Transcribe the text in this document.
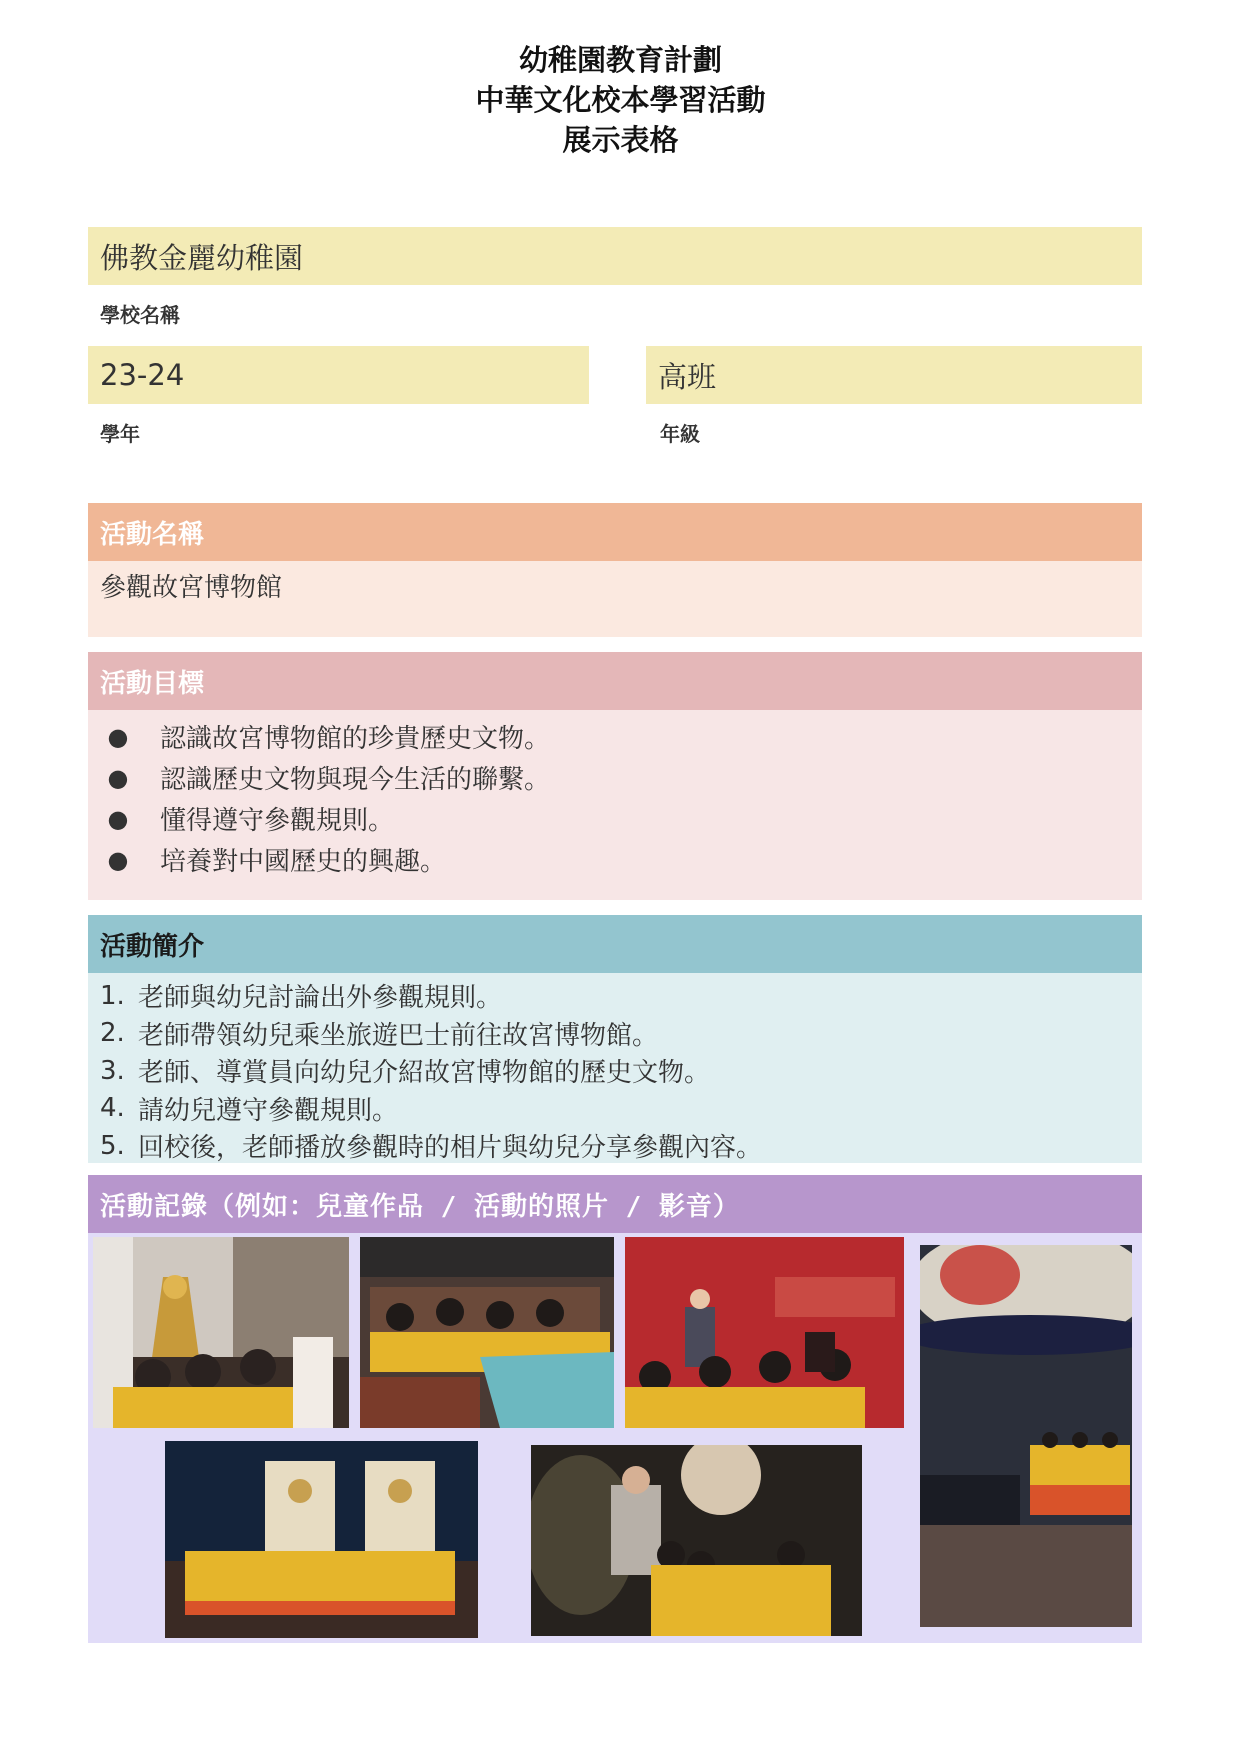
幼稚園教育計劃
中華文化校本學習活動
展示表格
佛教金麗幼稚園
學校名稱
23-24
學年
高班
年級
活動名稱
參觀故宮博物館
活動目標
●	認識故宮博物館的珍貴歷史文物。
●	認識歷史文物與現今生活的聯繫。
●	懂得遵守參觀規則。
●	培養對中國歷史的興趣。
活動簡介
1. 老師與幼兒討論出外參觀規則。
2. 老師帶領幼兒乘坐旅遊巴士前往故宮博物館。
3. 老師、導賞員向幼兒介紹故宮博物館的歷史文物。
4. 請幼兒遵守參觀規則。
5. 回校後，老師播放參觀時的相片與幼兒分享參觀內容。
活動記錄（例如：兒童作品 / 活動的照片 / 影音）
